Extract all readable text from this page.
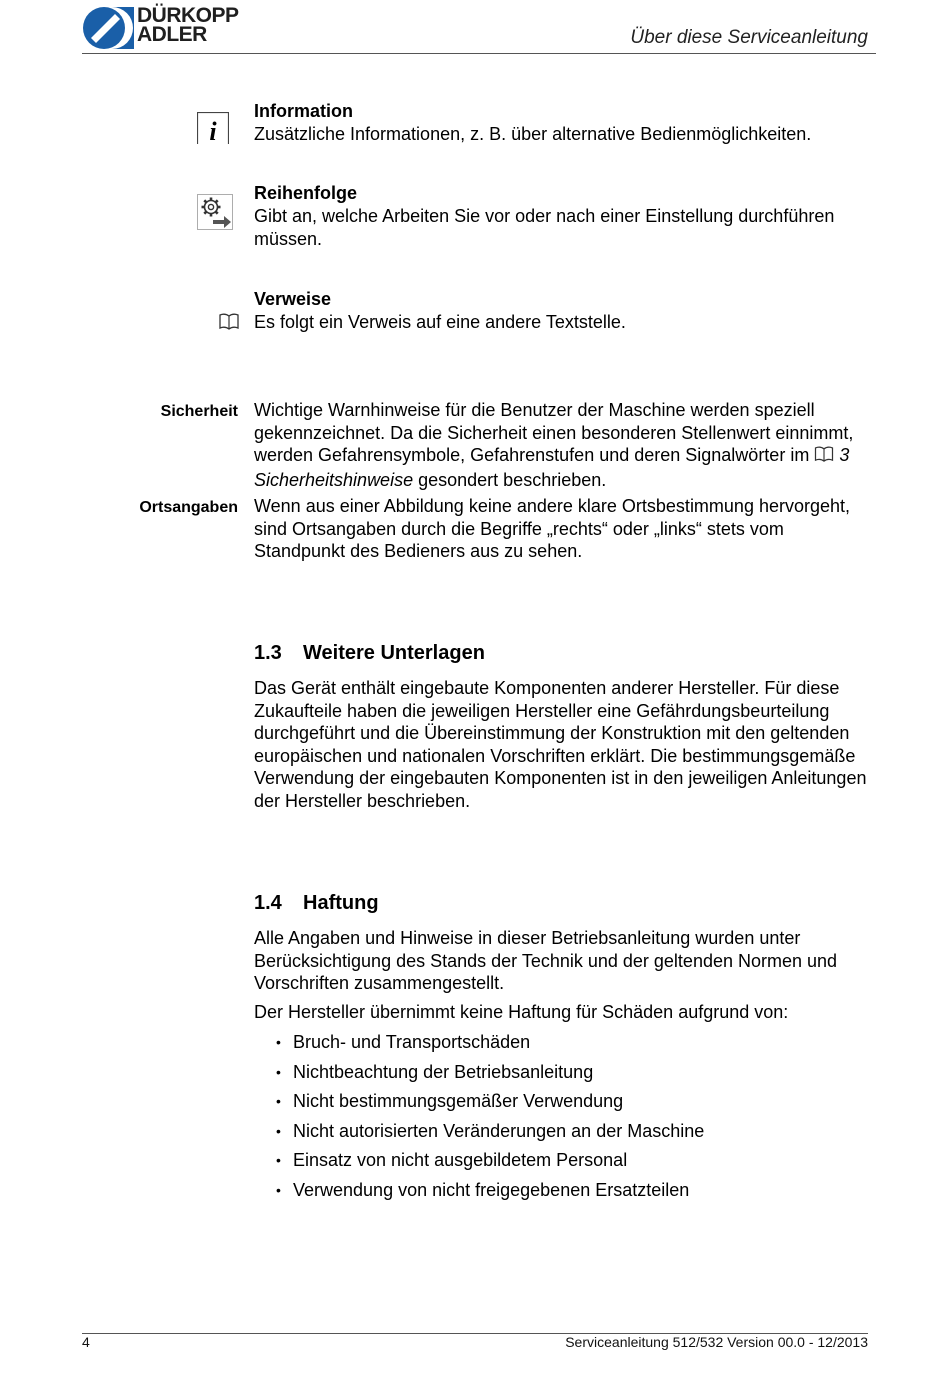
DÜRKOPP
ADLER	Über diese Serviceanleitung
i
Information
Zusätzliche Informationen, z. B. über alternative Bedienmöglichkeiten.
Reihenfolge
Gibt an, welche Arbeiten Sie vor oder nach einer Einstellung durchführen müssen.
Verweise
Es folgt ein Verweis auf eine andere Textstelle.
Sicherheit Wichtige Warnhinweise für die Benutzer der Maschine werden speziell gekennzeichnet. Da die Sicherheit einen besonderen Stellenwert einnimmt, werden Gefahrensymbole, Gefahrenstufen und deren Signalwörter im 3 Sicherheitshinweise gesondert beschrieben.
Ortsangaben Wenn aus einer Abbildung keine andere klare Ortsbestimmung hervorgeht, sind Ortsangaben durch die Begriffe „rechts“ oder „links“ stets vom Standpunkt des Bedieners aus zu sehen.
1.3 Weitere Unterlagen
Das Gerät enthält eingebaute Komponenten anderer Hersteller. Für diese Zukaufteile haben die jeweiligen Hersteller eine Gefährdungsbeurteilung durchgeführt und die Übereinstimmung der Konstruktion mit den geltenden europäischen und nationalen Vorschriften erklärt. Die bestimmungsgemäße Verwendung der eingebauten Komponenten ist in den jeweiligen Anleitungen der Hersteller beschrieben.
1.4 Haftung
Alle Angaben und Hinweise in dieser Betriebsanleitung wurden unter Berücksichtigung des Stands der Technik und der geltenden Normen und Vorschriften zusammengestellt.
Der Hersteller übernimmt keine Haftung für Schäden aufgrund von:
• Bruch- und Transportschäden
• Nichtbeachtung der Betriebsanleitung
• Nicht bestimmungsgemäßer Verwendung
• Nicht autorisierten Veränderungen an der Maschine
• Einsatz von nicht ausgebildetem Personal
• Verwendung von nicht freigegebenen Ersatzteilen
4	Serviceanleitung 512/532 Version 00.0 - 12/2013
